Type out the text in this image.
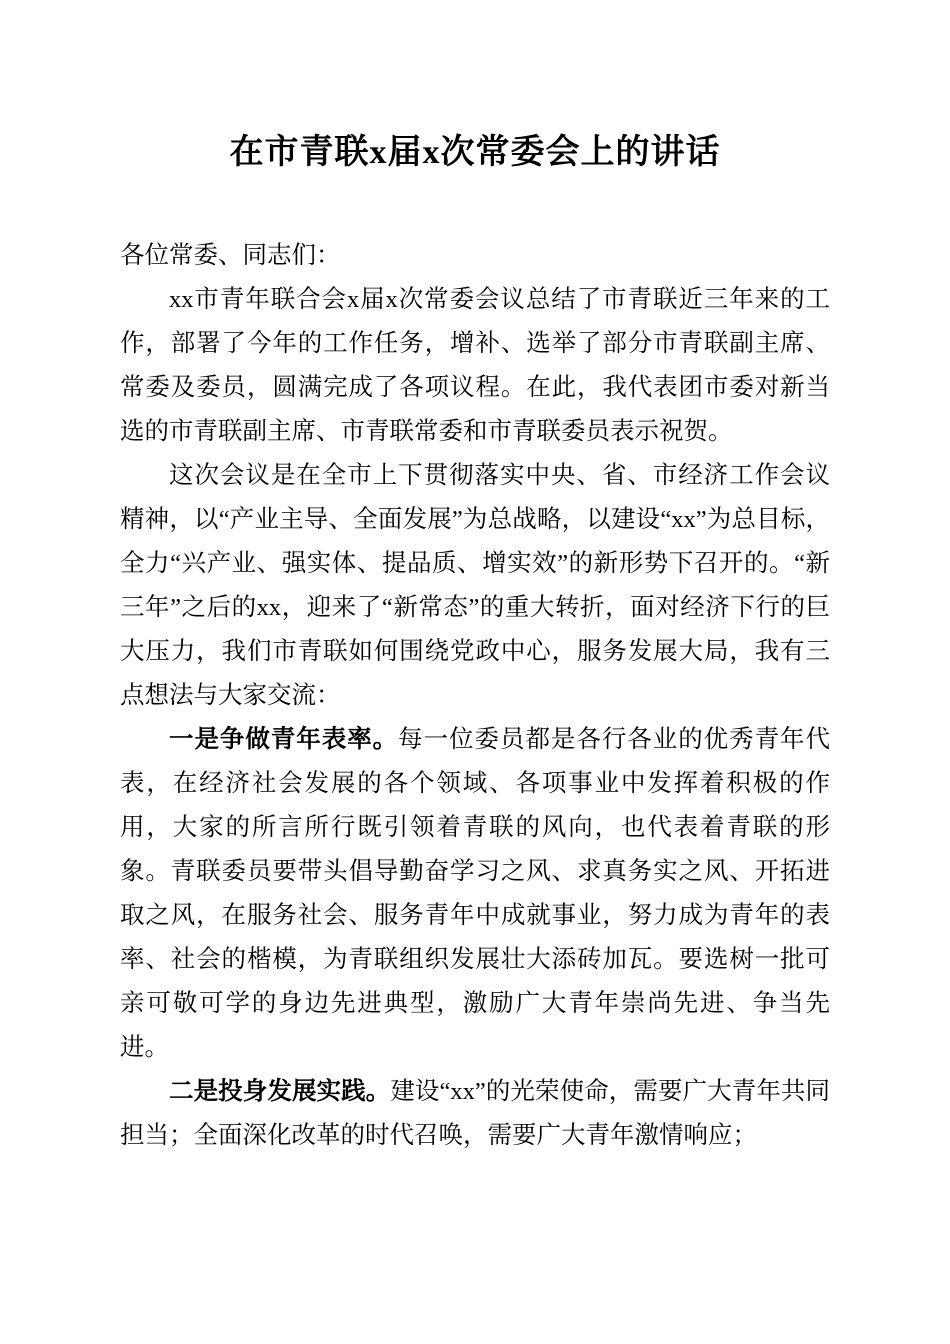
在市青联x届x次常委会上的讲话

各位常委、同志们：

xx市青年联合会x届x次常委会议总结了市青联近三年来的工作，部署了今年的工作任务，增补、选举了部分市青联副主席、常委及委员，圆满完成了各项议程。在此，我代表团市委对新当选的市青联副主席、市青联常委和市青联委员表示祝贺。

这次会议是在全市上下贯彻落实中央、省、市经济工作会议精神，以“产业主导、全面发展”为总战略，以建设“xx”为总目标，全力“兴产业、强实体、提品质、增实效”的新形势下召开的。“新三年”之后的xx，迎来了“新常态”的重大转折，面对经济下行的巨大压力，我们市青联如何围绕党政中心，服务发展大局，我有三点想法与大家交流：

一是争做青年表率。每一位委员都是各行各业的优秀青年代表，在经济社会发展的各个领域、各项事业中发挥着积极的作用，大家的所言所行既引领着青联的风向，也代表着青联的形象。青联委员要带头倡导勤奋学习之风、求真务实之风、开拓进取之风，在服务社会、服务青年中成就事业，努力成为青年的表率、社会的楷模，为青联组织发展壮大添砖加瓦。要选树一批可亲可敬可学的身边先进典型，激励广大青年崇尚先进、争当先进。

二是投身发展实践。建设“xx”的光荣使命，需要广大青年共同担当；全面深化改革的时代召唤，需要广大青年激情响应；
